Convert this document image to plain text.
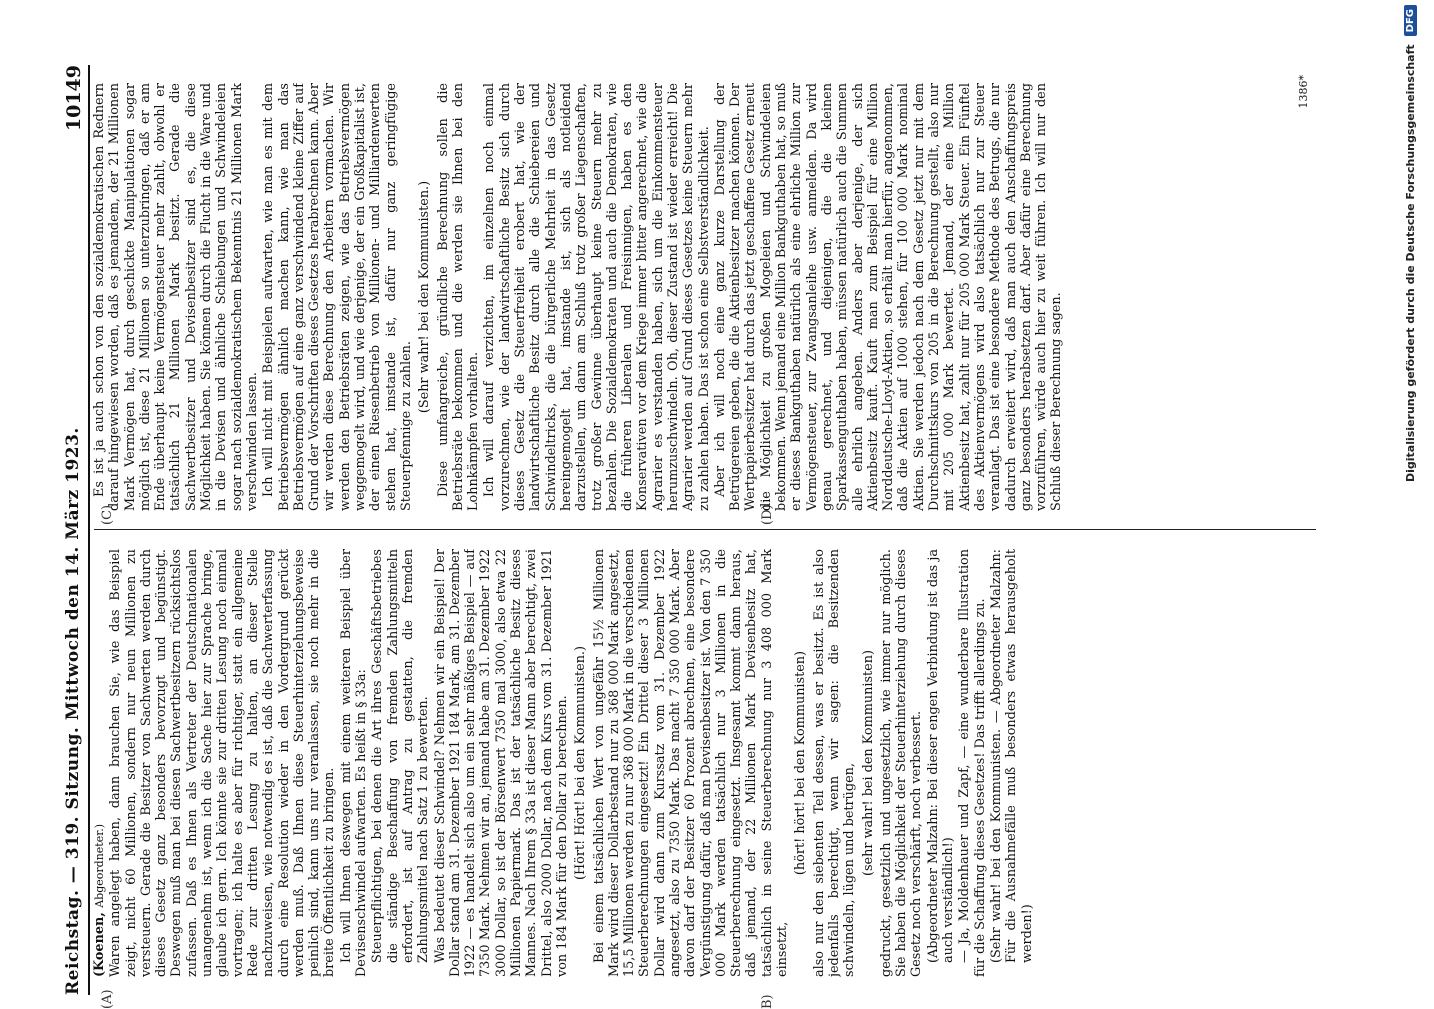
Reichstag. — 319. Sitzung. Mittwoch den 14. März 1923.
10149
(A)	B)
(C)	(D)

(Koenen, Abgeordneter.) Waren angelegt haben, dann brauchen Sie, wie das Beispiel zeigt, nicht 60 Millionen, sondern nur neun Millionen zu versteuern. Gerade die Besitzer von Sachwerten werden durch dieses Gesetz ganz besonders bevorzugt und begünstigt. Deswegen muß man bei diesen Sachwertbesitzern rücksichtslos zufassen. Daß es Ihnen als Vertreter der Deutschnationalen unangenehm ist, wenn ich die Sache hier zur Sprache bringe, glaube ich gern. Ich könnte sie zur dritten Lesung noch einmal vortragen; ich halte es aber für richtiger, statt ein allgemeine Rede zur dritten Lesung zu halten, an dieser Stelle nachzuweisen, wie notwendig es ist, daß die Sachwerterfassung durch eine Resolution wieder in den Vordergrund gerückt werden muß. Daß Ihnen diese Steuerhinterziehungsbeweise peinlich sind, kann uns nur veranlassen, sie noch mehr in die breite Öffentlichkeit zu bringen. Ich will Ihnen deswegen mit einem weiteren Beispiel über Devisenschwindel aufwarten. Es heißt in § 33a: Steuerpflichtigen, bei denen die Art ihres Geschäftsbetriebes die ständige Beschaffung von fremden Zahlungsmitteln erfordert, ist auf Antrag zu gestatten, die fremden Zahlungsmittel nach Satz 1 zu bewerten. Was bedeutet dieser Schwindel? Nehmen wir ein Beispiel! Der Dollar stand am 31. Dezember 1921 184 Mark, am 31. Dezember 1922 — es handelt sich also um ein sehr mäßiges Beispiel — auf 7350 Mark. Nehmen wir an, jemand habe am 31. Dezember 1922 3000 Dollar, so ist der Börsenwert 7350 mal 3000, also etwa 22 Millionen Papiermark. Das ist der tatsächliche Besitz dieses Mannes. Nach Ihrem § 33a ist dieser Mann aber berechtigt, zwei Drittel, also 2000 Dollar, nach dem Kurs vom 31. Dezember 1921 von 184 Mark für den Dollar zu berechnen. (Hört! Hört! bei den Kommunisten.) Bei einem tatsächlichen Wert von ungefähr 15½ Millionen Mark wird dieser Dollarbestand nur zu 368 000 Mark angesetzt, 15,5 Millionen werden zu nur 368 000 Mark in die verschiedenen Steuerberechnungen eingesetzt! Ein Drittel dieser 3 Millionen Dollar wird dann zum Kurssatz vom 31. Dezember 1922 angesetzt, also zu 7350 Mark. Das macht 7 350 000 Mark. Aber davon darf der Besitzer 60 Prozent abrechnen, eine besondere Vergünstigung dafür, daß man Devisenbesitzer ist. Von den 7 350 000 Mark werden tatsächlich nur 3 Millionen in die Steuerberechnung eingesetzt. Insgesamt kommt dann heraus, daß jemand, der 22 Millionen Mark Devisenbesitz hat, tatsächlich in seine Steuerberechnung nur 3 408 000 Mark einsetzt,

(hört! hört! bei den Kommunisten) also nur den siebenten Teil dessen, was er besitzt. Es ist also jedenfalls berechtigt, wenn wir sagen: die Besitzenden schwindeln, lügen und betrügen, (sehr wahr! bei den Kommunisten) gedruckt, gesetzlich und ungesetzlich, wie immer nur möglich. Sie haben die Möglichkeit der Steuerhinterziehung durch dieses Gesetz noch verschärft, noch verbessert. (Abgeordneter Malzahn: Bei dieser engen Verbindung ist das ja auch verständlich!) — Ja, Moldenhauer und Zapf, — eine wunderbare Illustration für die Schaffung dieses Gesetzes! Das trifft allerdings zu. (Sehr wahr! bei den Kommunisten. — Abgeordneter Malzahn: Für die Ausnahmefälle muß besonders etwas herausgeholt werden!)

Es ist ja auch schon von den sozialdemokratischen Rednern darauf hingewiesen worden, daß es jemandem, der 21 Millionen Mark Vermögen hat, durch geschickte Manipulationen sogar möglich ist, diese 21 Millionen so unterzubringen, daß er am Ende überhaupt keine Vermögensteuer mehr zahlt, obwohl er tatsächlich 21 Millionen Mark besitzt. Gerade die Sachwertbesitzer und Devisenbesitzer sind es, die diese Möglichkeit haben. Sie können durch die Flucht in die Ware und in die Devisen und ähnliche Schiebungen und Schwindeleien sogar nach sozialdemokratischem Bekenntnis 21 Millionen Mark verschwinden lassen. Ich will nicht mit Beispielen aufwarten, wie man es mit dem Betriebsvermögen ähnlich machen kann, wie man das Betriebsvermögen auf eine ganz verschwindend kleine Ziffer auf Grund der Vorschriften dieses Gesetzes herabrechnen kann. Aber wir werden diese Berechnung den Arbeitern vormachen. Wir werden den Betriebsräten zeigen, wie das Betriebsvermögen weggemogelt wird, und wie derjenige, der ein Großkapitalist ist, der einen Riesenbetrieb von Millionen- und Milliardenwerten stehen hat, imstande ist, dafür nur ganz geringfügige Steuerpfennige zu zahlen.

(Sehr wahr! bei den Kommunisten.) Diese umfangreiche, gründliche Berechnung sollen die Betriebsräte bekommen und die werden sie Ihnen bei den Lohnkämpfen vorhalten. Ich will darauf verzichten, im einzelnen noch einmal vorzurechnen, wie der landwirtschaftliche Besitz sich durch dieses Gesetz die Steuerfreiheit erobert hat, wie der landwirtschaftliche Besitz durch alle die Schiebereien und Schwindeltricks, die die bürgerliche Mehrheit in das Gesetz hereingemogelt hat, imstande ist, sich als notleidend darzustellen, um dann am Schluß trotz großer Liegenschaften, trotz großer Gewinne überhaupt keine Steuern mehr zu bezahlen. Die Sozialdemokraten und auch die Demokraten, wie die früheren Liberalen und Freisinnigen, haben es den Konservativen vor dem Kriege immer bitter angerechnet, wie die Agrarier es verstanden haben, sich um die Einkommensteuer herumzuschwindeln. Oh, dieser Zustand ist wieder erreicht! Die Agrarier werden auf Grund dieses Gesetzes keine Steuern mehr zu zahlen haben. Das ist schon eine Selbstverständlichkeit. Aber ich will noch eine ganz kurze Darstellung der Betrügereien geben, die die Aktienbesitzer machen können. Der Wertpapierbesitzer hat durch das jetzt geschaffene Gesetz erneut die Möglichkeit zu großen Mogeleien und Schwindeleien bekommen. Wenn jemand eine Million Bankguthaben hat, so muß er dieses Bankguthaben natürlich als eine ehrliche Million zur Vermögensteuer, zur Zwangsanleihe usw. anmelden. Da wird genau gerechnet, und diejenigen, die die kleinen Sparkassenguthaben haben, müssen natürlich auch die Summen alle ehrlich angeben. Anders aber derjenige, der sich Aktienbesitz kauft. Kauft man zum Beispiel für eine Million Norddeutsche-Lloyd-Aktien, so erhält man hierfür, angenommen, daß die Aktien auf 1000 stehen, für 100 000 Mark nominal Aktien. Sie werden jedoch nach dem Gesetz jetzt nur mit dem Durchschnittskurs von 205 in die Berechnung gestellt, also nur mit 205 000 Mark bewertet. Jemand, der eine Million Aktienbesitz hat, zahlt nur für 205 000 Mark Steuer. Ein Fünftel des Aktienvermögens wird also tatsächlich nur zur Steuer veranlagt. Das ist eine besondere Methode des Betrugs, die nur dadurch erweitert wird, daß man auch den Anschaffungspreis ganz besonders herabsetzen darf. Aber dafür eine Berechnung vorzuführen, würde auch hier zu weit führen. Ich will nur den Schluß dieser Berechnung sagen.

1386*	Digitalisierung gefördert durch die Deutsche Forschungsgemeinschaft
DFG
